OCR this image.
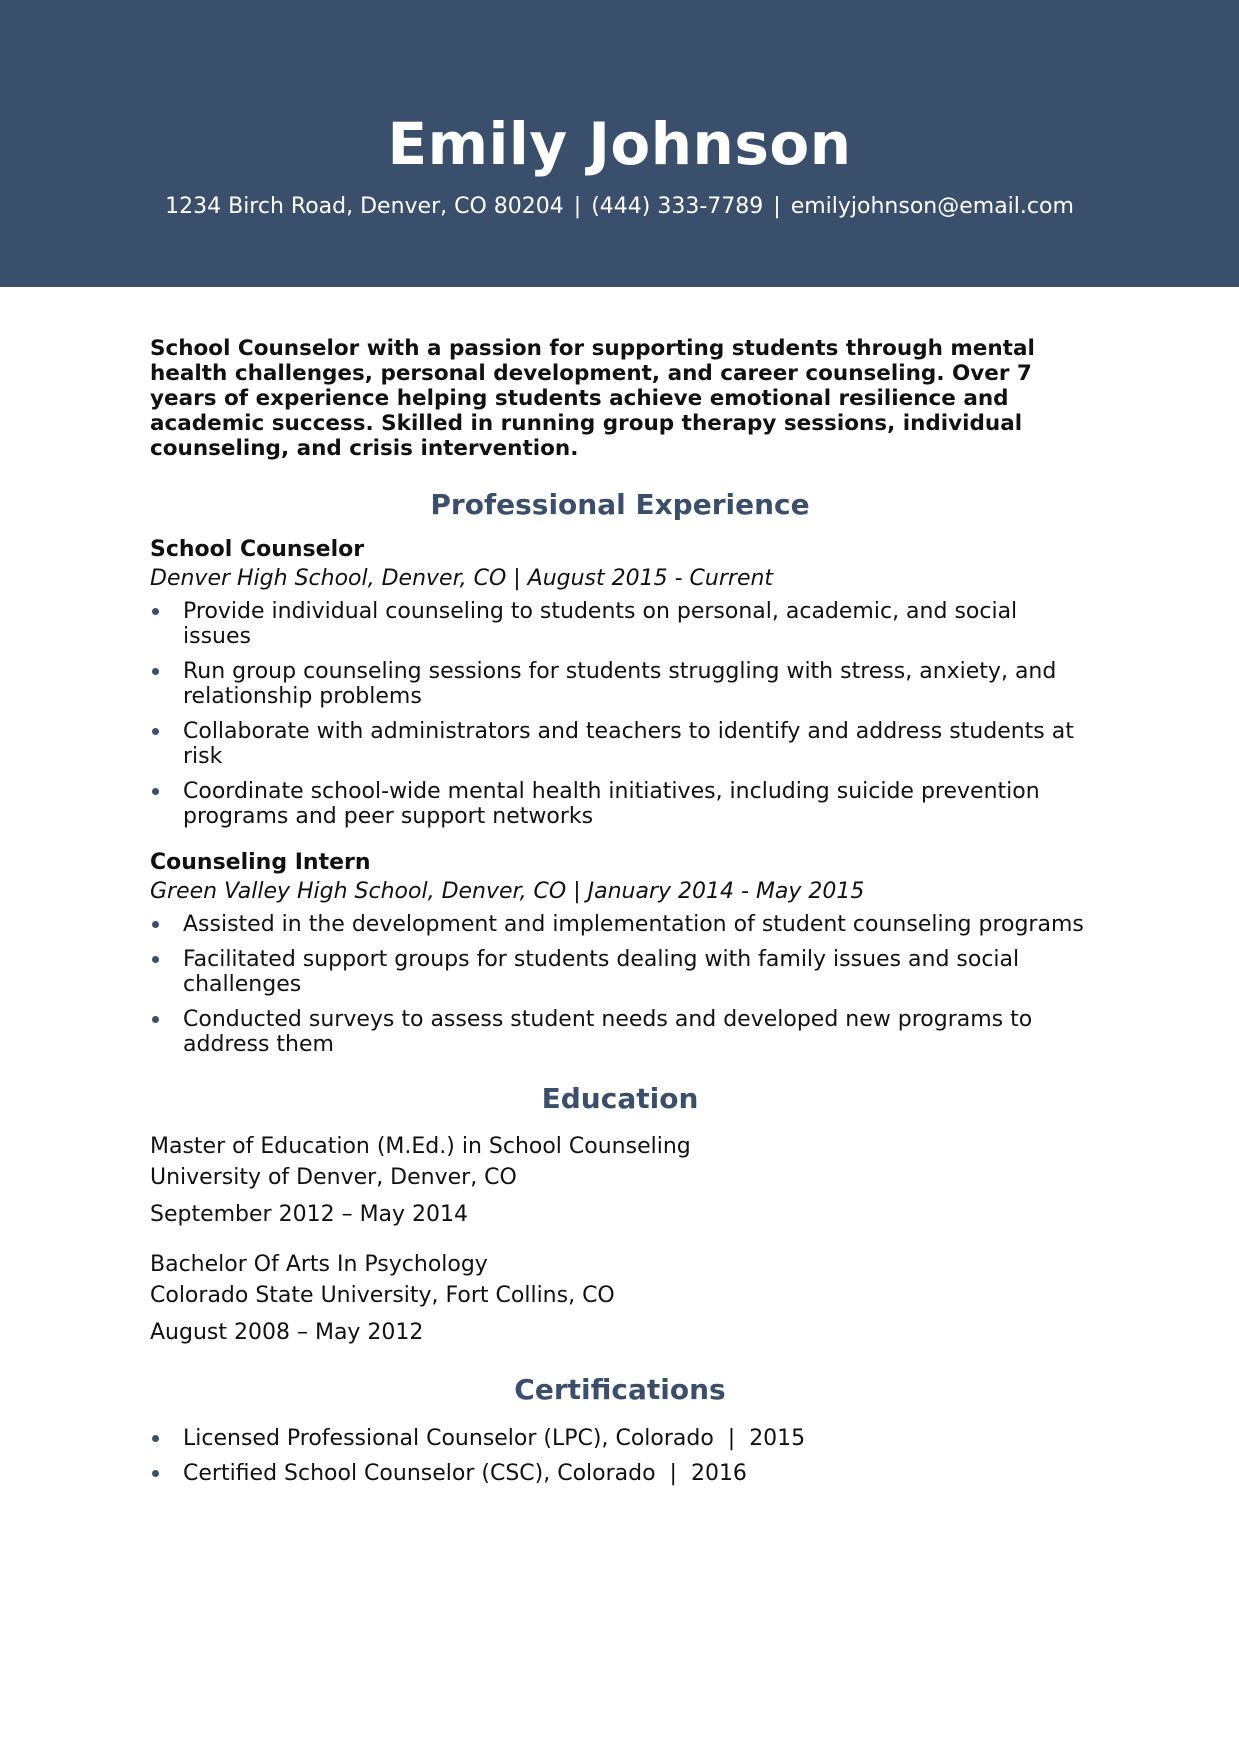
Emily Johnson
1234 Birch Road, Denver, CO 80204 | (444) 333-7789 | emilyjohnson@email.com

School Counselor with a passion for supporting students through mental health challenges, personal development, and career counseling. Over 7 years of experience helping students achieve emotional resilience and academic success. Skilled in running group therapy sessions, individual counseling, and crisis intervention.

Professional Experience

School Counselor

Denver High School, Denver, CO | August 2015 - Current

Provide individual counseling to students on personal, academic, and social issues
Run group counseling sessions for students struggling with stress, anxiety, and relationship problems
Collaborate with administrators and teachers to identify and address students at risk
Coordinate school-wide mental health initiatives, including suicide prevention programs and peer support networks

Counseling Intern

Green Valley High School, Denver, CO | January 2014 - May 2015

Assisted in the development and implementation of student counseling programs
Facilitated support groups for students dealing with family issues and social challenges
Conducted surveys to assess student needs and developed new programs to address them
Education

Master of Education (M.Ed.) in School Counseling

University of Denver, Denver, CO

September 2012 – May 2014

Bachelor Of Arts In Psychology

Colorado State University, Fort Collins, CO

August 2008 – May 2012

Certifications
Licensed Professional Counselor (LPC), Colorado  |  2015
Certified School Counselor (CSC), Colorado  |  2016
